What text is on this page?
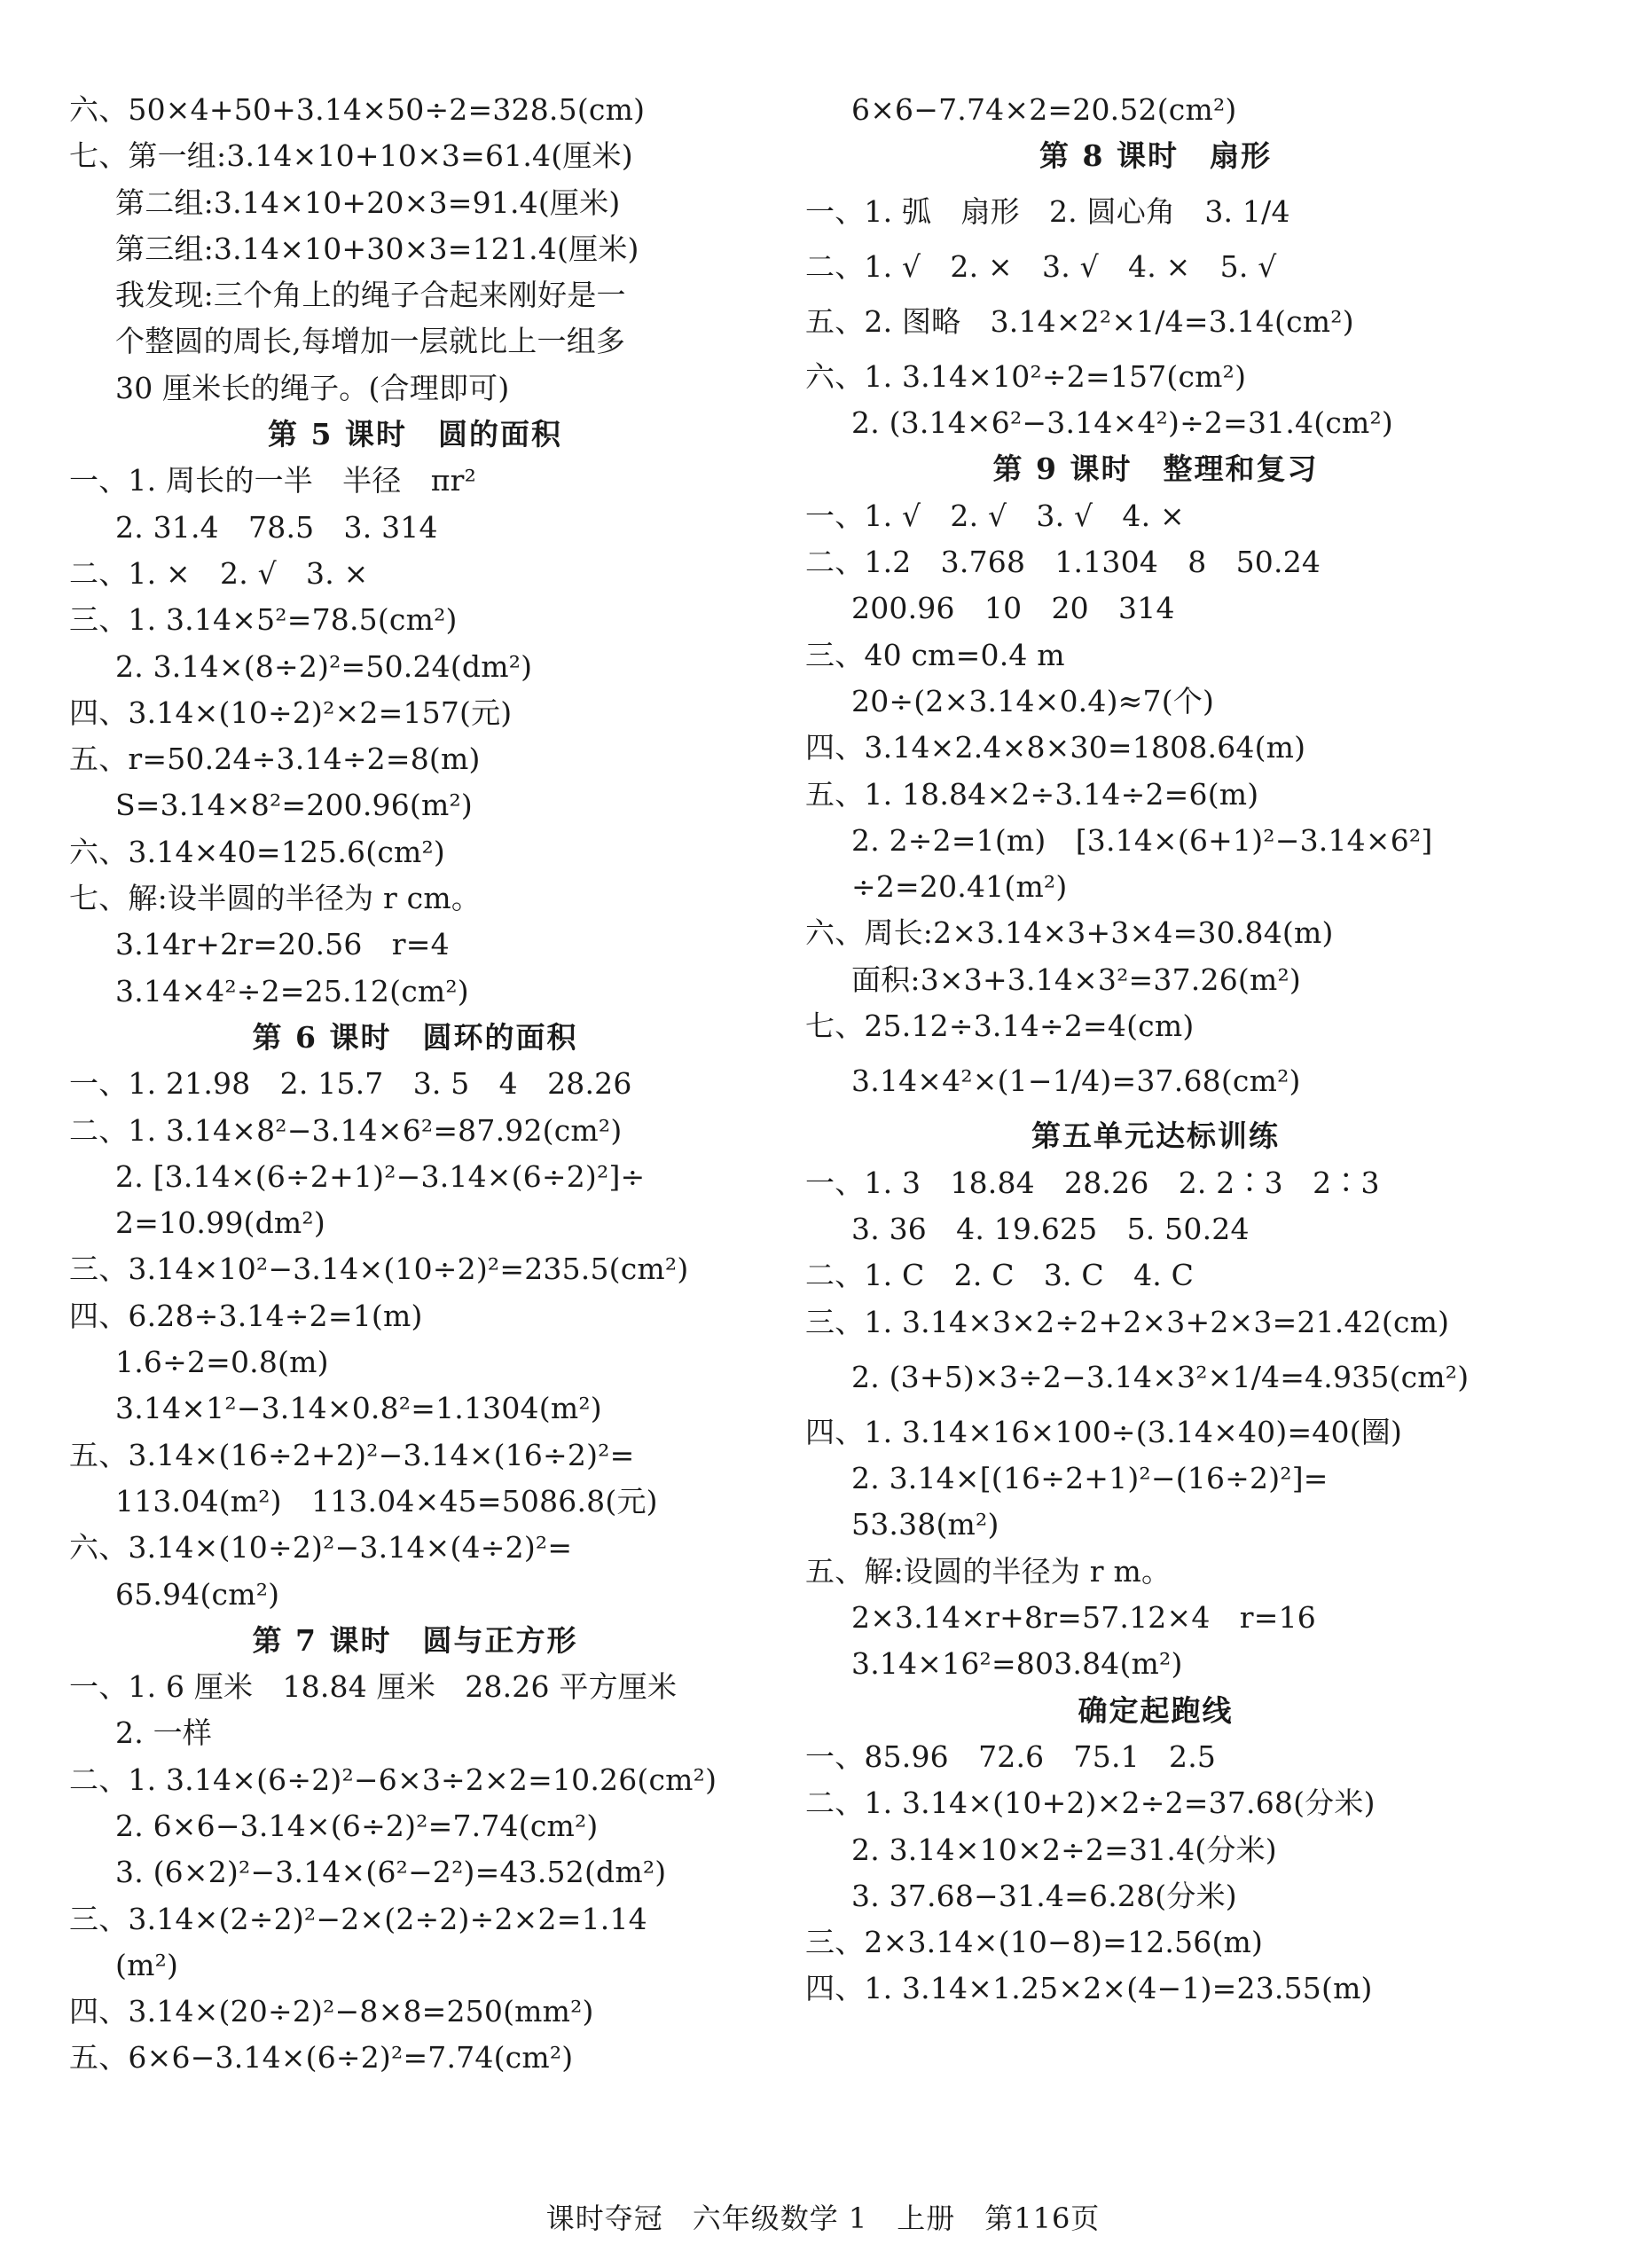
六、50×4+50+3.14×50÷2=328.5(cm)
七、第一组:3.14×10+10×3=61.4(厘米)
第二组:3.14×10+20×3=91.4(厘米)
第三组:3.14×10+30×3=121.4(厘米)
我发现:三个角上的绳子合起来刚好是一
个整圆的周长,每增加一层就比上一组多
30 厘米长的绳子。(合理即可)
第 5 课时　圆的面积
一、1. 周长的一半　半径　πr²
2. 31.4　78.5　3. 314
二、1. ×　2. √　3. ×
三、1. 3.14×5²=78.5(cm²)
2. 3.14×(8÷2)²=50.24(dm²)
四、3.14×(10÷2)²×2=157(元)
五、r=50.24÷3.14÷2=8(m)
S=3.14×8²=200.96(m²)
六、3.14×40=125.6(cm²)
七、解:设半圆的半径为 r cm。
3.14r+2r=20.56　r=4
3.14×4²÷2=25.12(cm²)
第 6 课时　圆环的面积
一、1. 21.98　2. 15.7　3. 5　4　28.26
二、1. 3.14×8²−3.14×6²=87.92(cm²)
2. [3.14×(6÷2+1)²−3.14×(6÷2)²]÷
2=10.99(dm²)
三、3.14×10²−3.14×(10÷2)²=235.5(cm²)
四、6.28÷3.14÷2=1(m)
1.6÷2=0.8(m)
3.14×1²−3.14×0.8²=1.1304(m²)
五、3.14×(16÷2+2)²−3.14×(16÷2)²=
113.04(m²)　113.04×45=5086.8(元)
六、3.14×(10÷2)²−3.14×(4÷2)²=
65.94(cm²)
第 7 课时　圆与正方形
一、1. 6 厘米　18.84 厘米　28.26 平方厘米
2. 一样
二、1. 3.14×(6÷2)²−6×3÷2×2=10.26(cm²)
2. 6×6−3.14×(6÷2)²=7.74(cm²)
3. (6×2)²−3.14×(6²−2²)=43.52(dm²)
三、3.14×(2÷2)²−2×(2÷2)÷2×2=1.14
(m²)
四、3.14×(20÷2)²−8×8=250(mm²)
五、6×6−3.14×(6÷2)²=7.74(cm²)
6×6−7.74×2=20.52(cm²)
第 8 课时　扇形
一、1. 弧　扇形　2. 圆心角　3. 1/4
二、1. √　2. ×　3. √　4. ×　5. √
五、2. 图略　3.14×2²×1/4=3.14(cm²)
六、1. 3.14×10²÷2=157(cm²)
2. (3.14×6²−3.14×4²)÷2=31.4(cm²)
第 9 课时　整理和复习
一、1. √　2. √　3. √　4. ×
二、1.2　3.768　1.1304　8　50.24
200.96　10　20　314
三、40 cm=0.4 m
20÷(2×3.14×0.4)≈7(个)
四、3.14×2.4×8×30=1808.64(m)
五、1. 18.84×2÷3.14÷2=6(m)
2. 2÷2=1(m)　[3.14×(6+1)²−3.14×6²]
÷2=20.41(m²)
六、周长:2×3.14×3+3×4=30.84(m)
面积:3×3+3.14×3²=37.26(m²)
七、25.12÷3.14÷2=4(cm)
3.14×4²×(1−1/4)=37.68(cm²)
第五单元达标训练
一、1. 3　18.84　28.26　2. 2∶3　2∶3
3. 36　4. 19.625　5. 50.24
二、1. C　2. C　3. C　4. C
三、1. 3.14×3×2÷2+2×3+2×3=21.42(cm)
2. (3+5)×3÷2−3.14×3²×1/4=4.935(cm²)
四、1. 3.14×16×100÷(3.14×40)=40(圈)
2. 3.14×[(16÷2+1)²−(16÷2)²]=
53.38(m²)
五、解:设圆的半径为 r m。
2×3.14×r+8r=57.12×4　r=16
3.14×16²=803.84(m²)
确定起跑线
一、85.96　72.6　75.1　2.5
二、1. 3.14×(10+2)×2÷2=37.68(分米)
2. 3.14×10×2÷2=31.4(分米)
3. 37.68−31.4=6.28(分米)
三、2×3.14×(10−8)=12.56(m)
四、1. 3.14×1.25×2×(4−1)=23.55(m)
课时夺冠　六年级数学 1　上册　第116页
